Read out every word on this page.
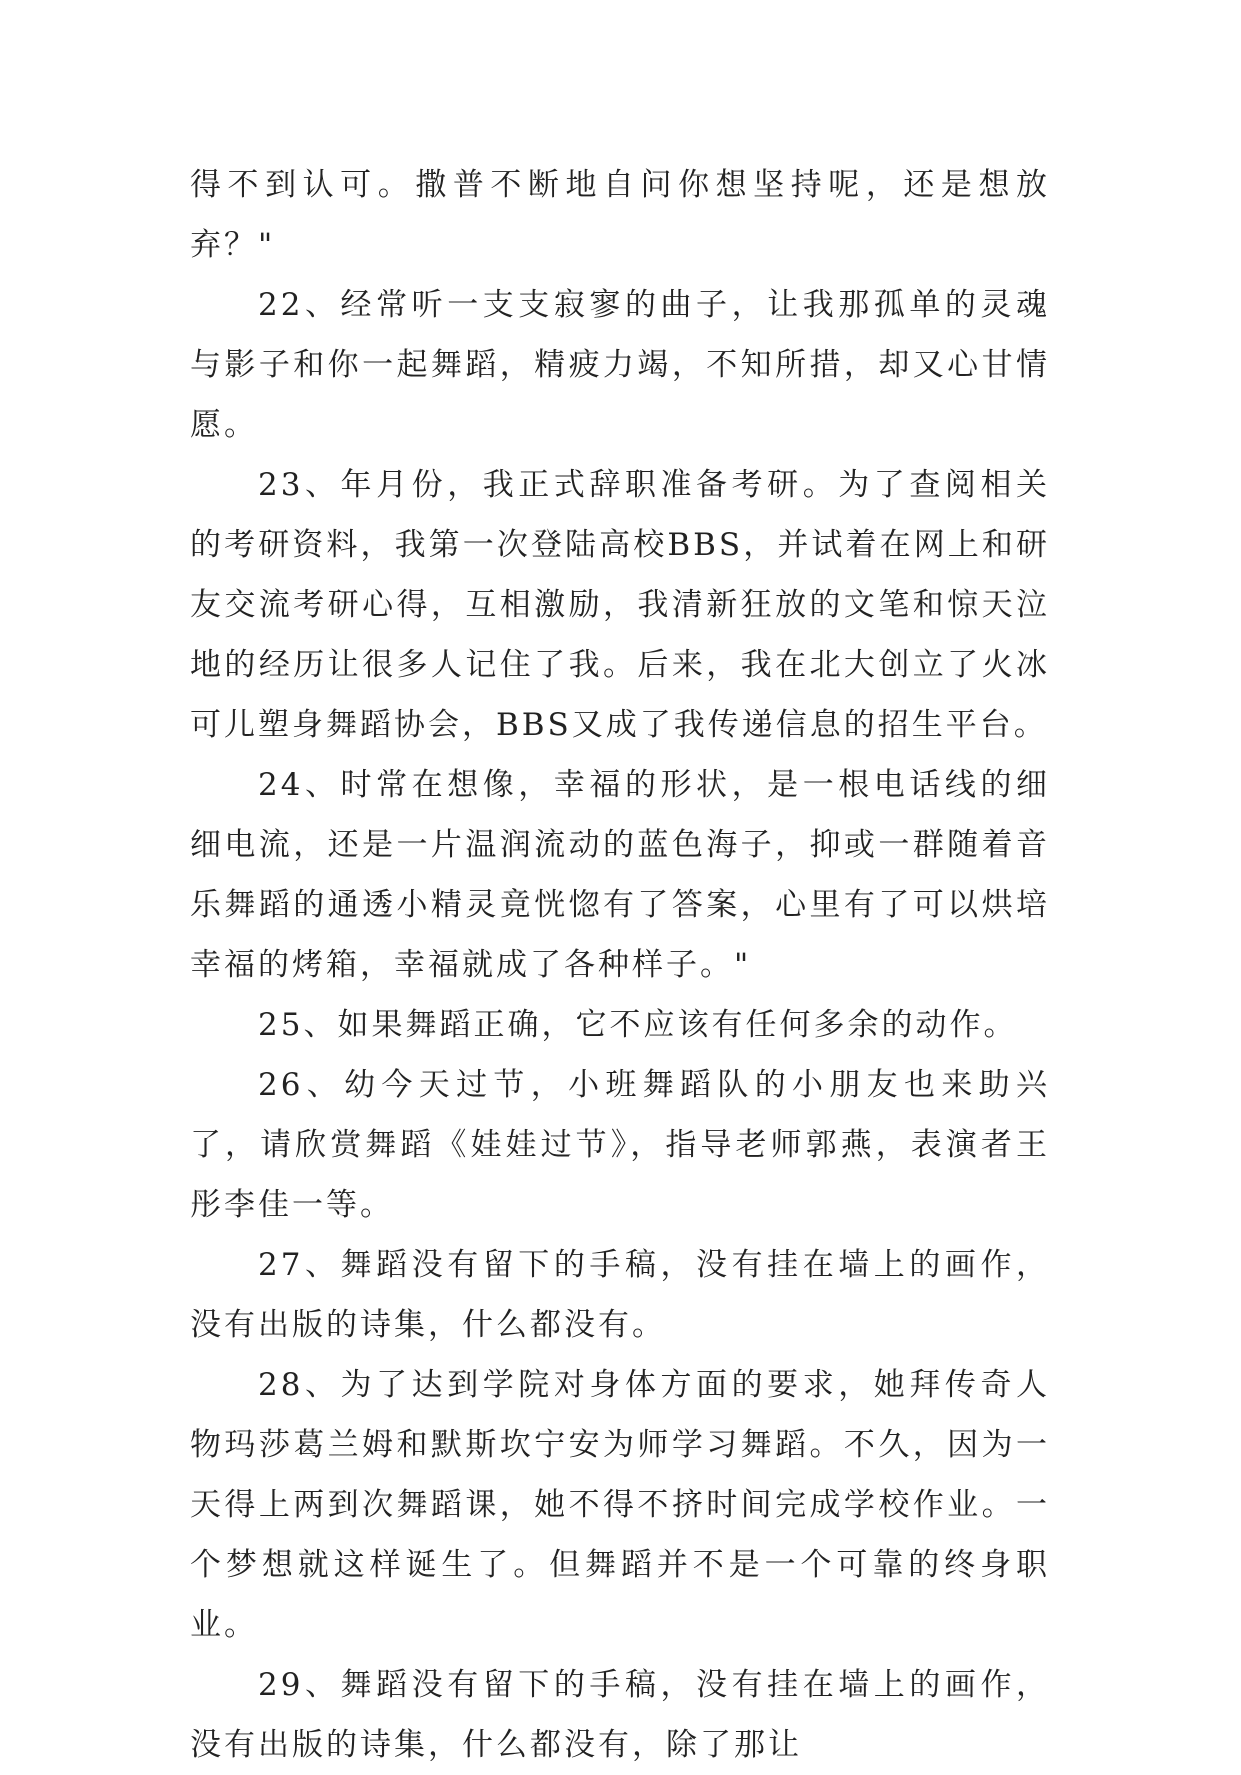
得不到认可。撒普不断地自问你想坚持呢，还是想放弃？"

22、经常听一支支寂寥的曲子，让我那孤单的灵魂与影子和你一起舞蹈，精疲力竭，不知所措，却又心甘情愿。

23、年月份，我正式辞职准备考研。为了查阅相关的考研资料，我第一次登陆高校BBS，并试着在网上和研友交流考研心得，互相激励，我清新狂放的文笔和惊天泣地的经历让很多人记住了我。后来，我在北大创立了火冰可儿塑身舞蹈协会，BBS又成了我传递信息的招生平台。

24、时常在想像，幸福的形状，是一根电话线的细细电流，还是一片温润流动的蓝色海子，抑或一群随着音乐舞蹈的通透小精灵竟恍惚有了答案，心里有了可以烘培幸福的烤箱，幸福就成了各种样子。"

25、如果舞蹈正确，它不应该有任何多余的动作。

26、幼今天过节，小班舞蹈队的小朋友也来助兴了，请欣赏舞蹈《娃娃过节》，指导老师郭燕，表演者王彤李佳一等。

27、舞蹈没有留下的手稿，没有挂在墙上的画作，没有出版的诗集，什么都没有。

28、为了达到学院对身体方面的要求，她拜传奇人物玛莎葛兰姆和默斯坎宁安为师学习舞蹈。不久，因为一天得上两到次舞蹈课，她不得不挤时间完成学校作业。一个梦想就这样诞生了。但舞蹈并不是一个可靠的终身职业。

29、舞蹈没有留下的手稿，没有挂在墙上的画作，没有出版的诗集，什么都没有，除了那让
